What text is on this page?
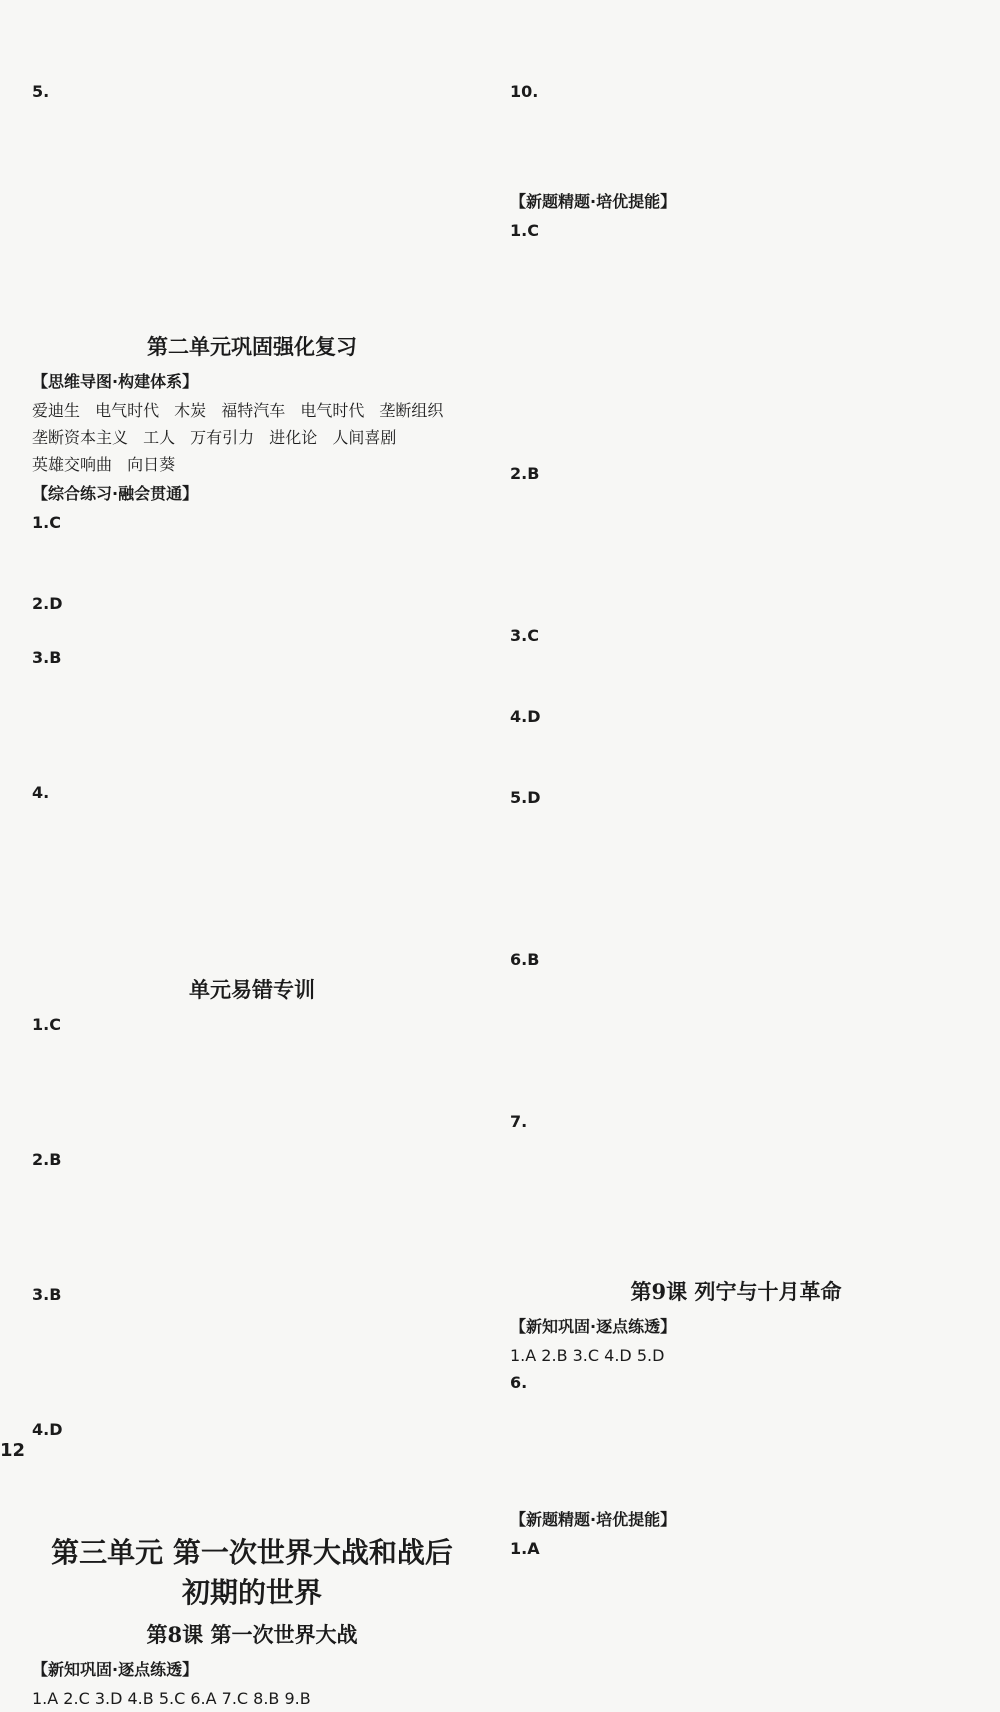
5.

第二单元巩固强化复习
【思维导图·构建体系】

爱迪生 电气时代 木炭 福特汽车 电气时代 垄断组织

垄断资本主义 工人 万有引力 进化论 人间喜剧

英雄交响曲 向日葵

【综合练习·融会贯通】

1.C

2.D

3.B

4.

单元易错专训

1.C

2.B

3.B

4.D

第三单元 第一次世界大战和战后
初期的世界
第8课 第一次世界大战
【新知巩固·逐点练透】

1.A 2.C 3.D 4.B 5.C 6.A 7.C 8.B 9.B

10.

【新题精题·培优提能】

1.C

2.B

3.C

4.D

5.D

6.B

7.

第9课 列宁与十月革命
【新知巩固·逐点练透】

1.A 2.B 3.C 4.D 5.D

6.

【新题精题·培优提能】

1.A

12
